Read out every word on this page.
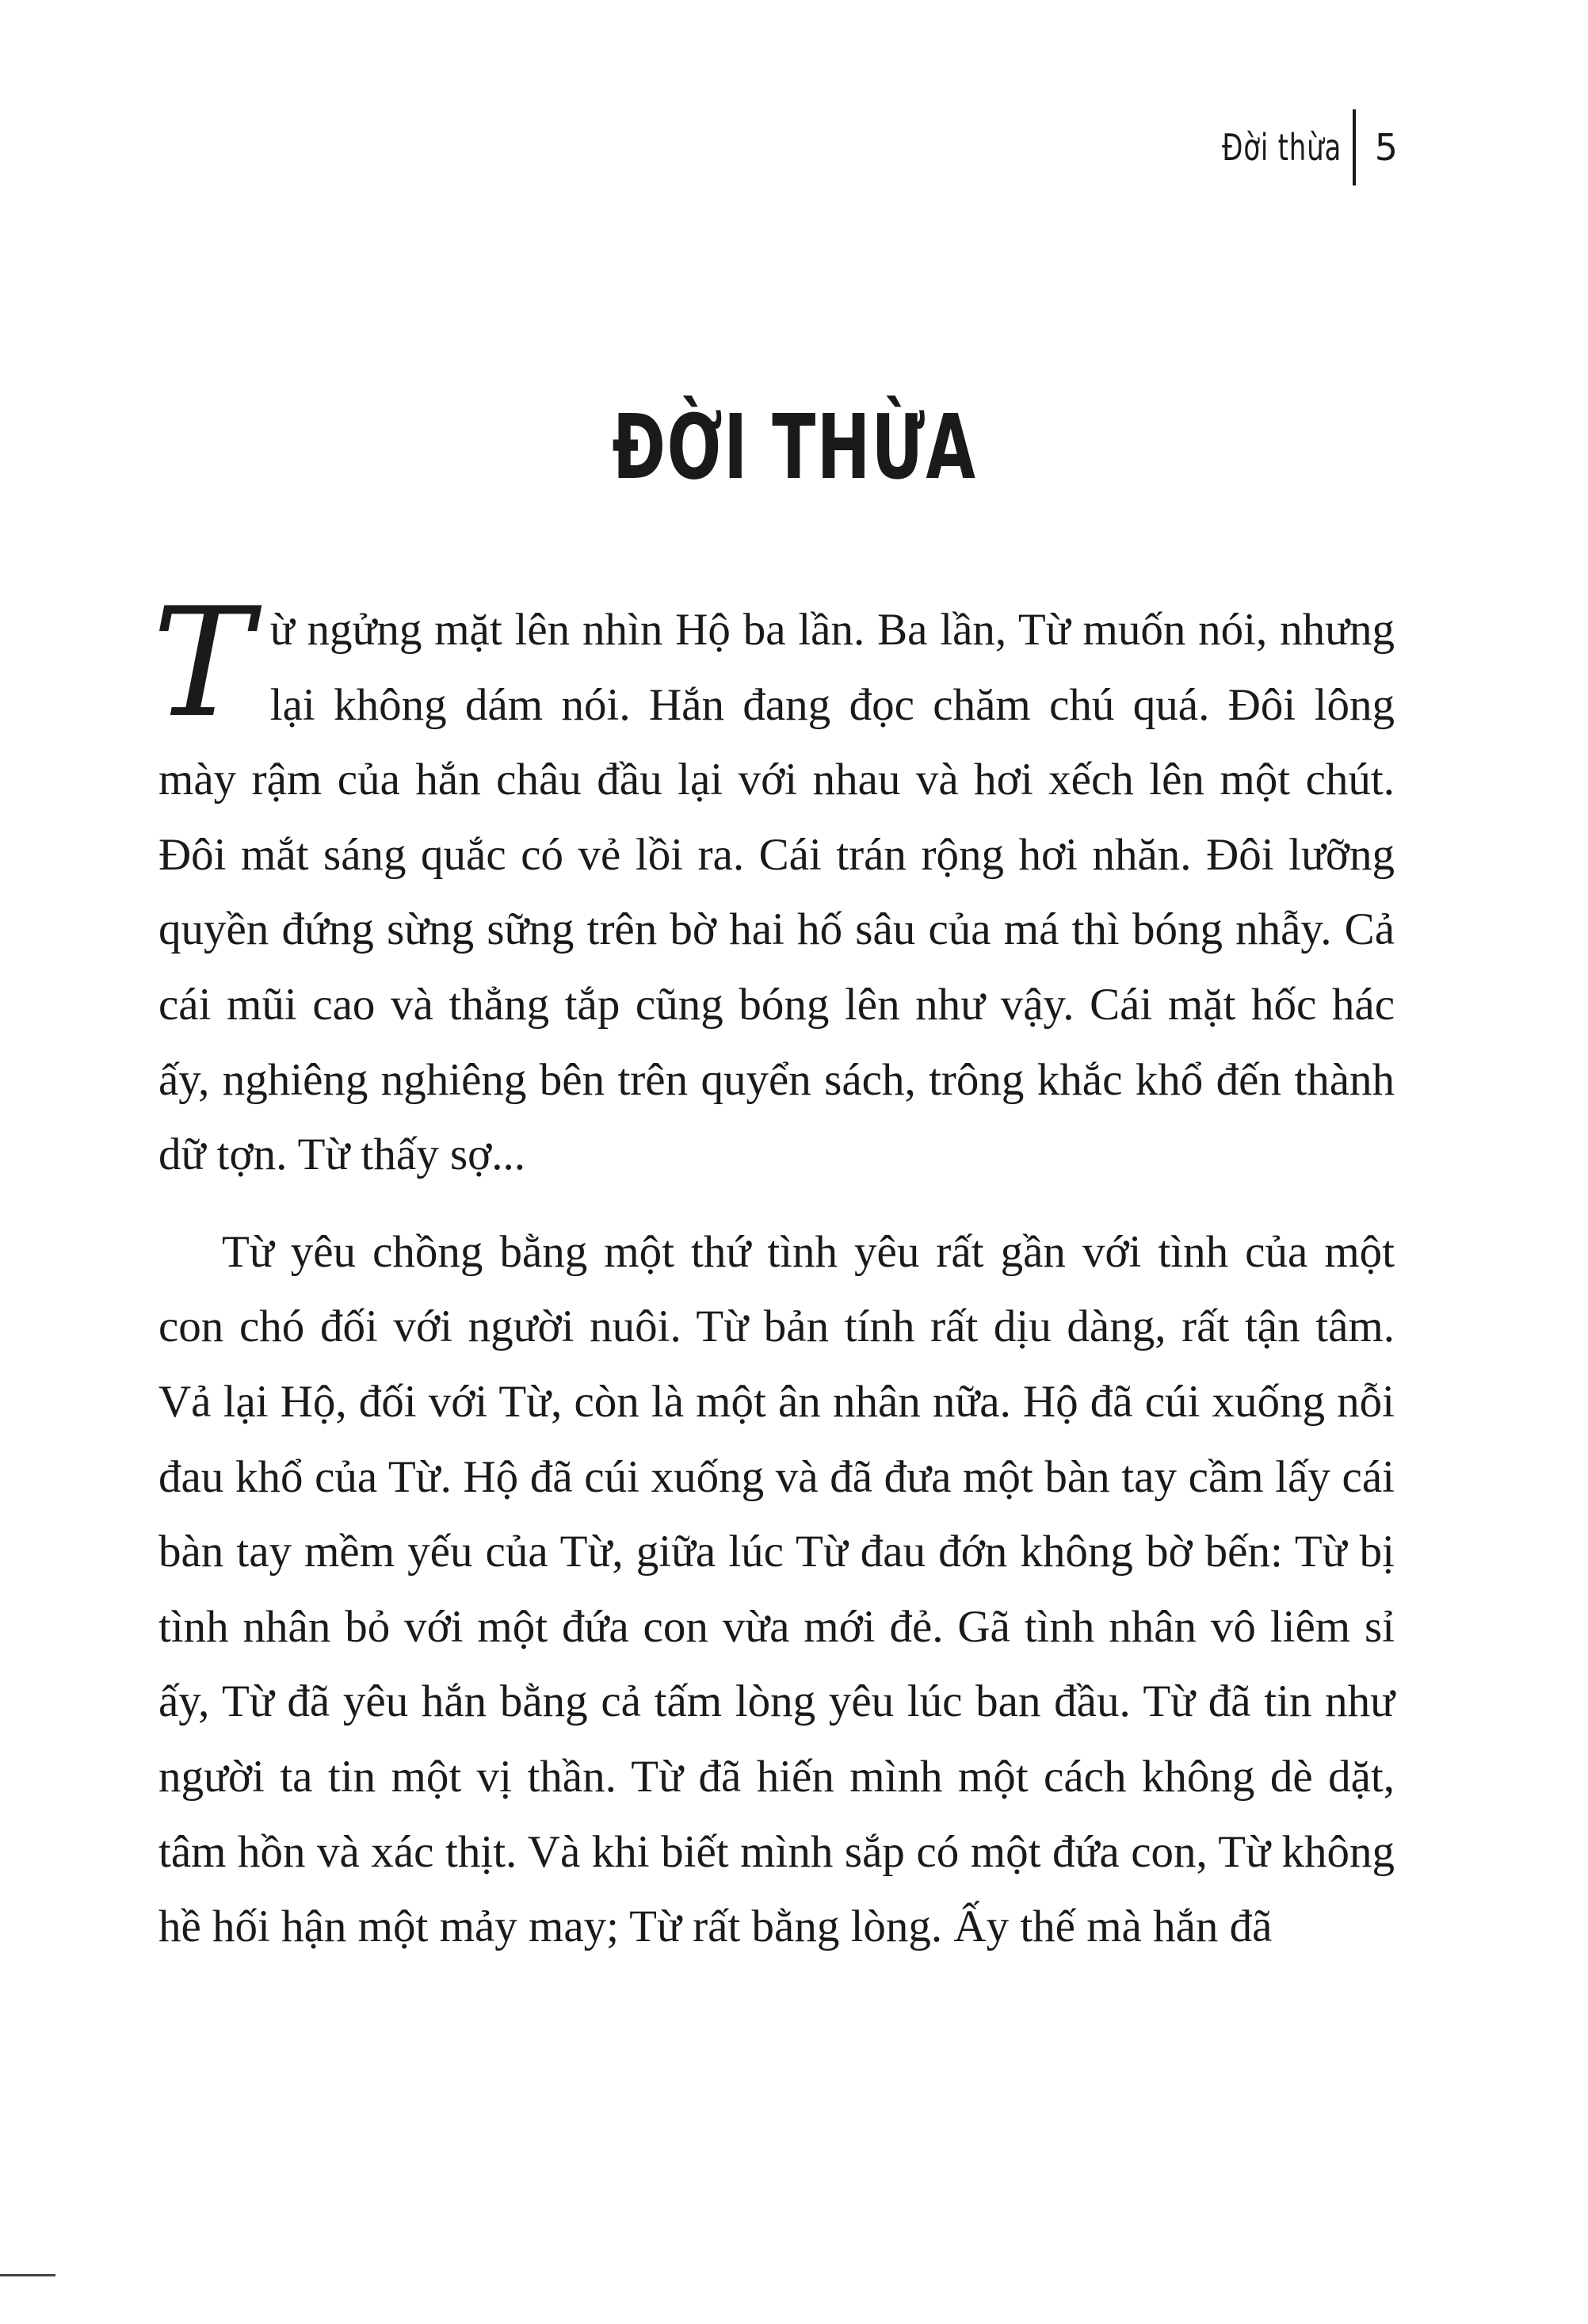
Đời thừa 5
ĐỜI THỪA

Từ ngửng mặt lên nhìn Hộ ba lần. Ba lần, Từ muốn nói, nhưng lại không dám nói. Hắn đang đọc chăm chú quá. Đôi lông mày rậm của hắn châu đầu lại với nhau và hơi xếch lên một chút. Đôi mắt sáng quắc có vẻ lồi ra. Cái trán rộng hơi nhăn. Đôi lưỡng quyền đứng sừng sững trên bờ hai hố sâu của má thì bóng nhẫy. Cả cái mũi cao và thẳng tắp cũng bóng lên như vậy. Cái mặt hốc hác ấy, nghiêng nghiêng bên trên quyển sách, trông khắc khổ đến thành dữ tợn. Từ thấy sợ...

Từ yêu chồng bằng một thứ tình yêu rất gần với tình của một con chó đối với người nuôi. Từ bản tính rất dịu dàng, rất tận tâm. Vả lại Hộ, đối với Từ, còn là một ân nhân nữa. Hộ đã cúi xuống nỗi đau khổ của Từ. Hộ đã cúi xuống và đã đưa một bàn tay cầm lấy cái bàn tay mềm yếu của Từ, giữa lúc Từ đau đớn không bờ bến: Từ bị tình nhân bỏ với một đứa con vừa mới đẻ. Gã tình nhân vô liêm sỉ ấy, Từ đã yêu hắn bằng cả tấm lòng yêu lúc ban đầu. Từ đã tin như người ta tin một vị thần. Từ đã hiến mình một cách không dè dặt, tâm hồn và xác thịt. Và khi biết mình sắp có một đứa con, Từ không hề hối hận một mảy may; Từ rất bằng lòng. Ấy thế mà hắn đã
